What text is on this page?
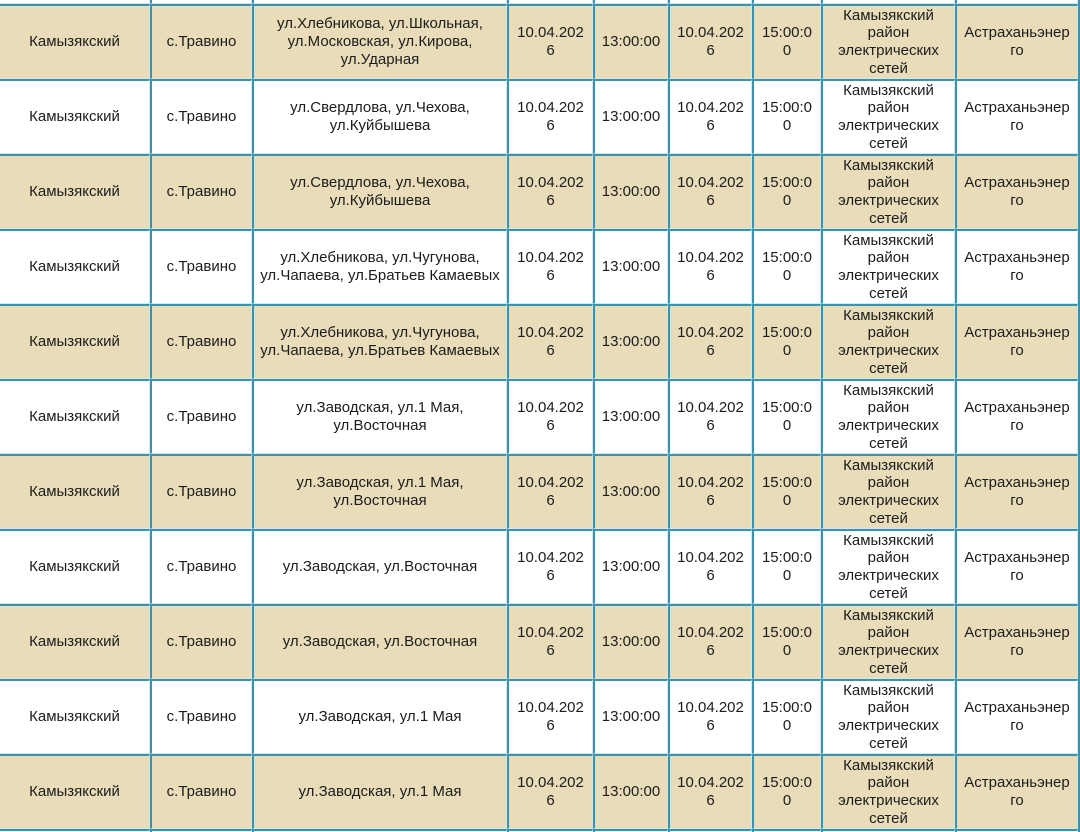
Камызякский	с.Травино	ул.Хлебникова, ул.Школьная, ул.Московская, ул.Кирова, ул.Ударная	10.04.2026	13:00:00	10.04.2026	15:00:00	Камызякский район электрических сетей	Астраханьэнерго
Камызякский	с.Травино	ул.Свердлова, ул.Чехова, ул.Куйбышева	10.04.2026	13:00:00	10.04.2026	15:00:00	Камызякский район электрических сетей	Астраханьэнерго
Камызякский	с.Травино	ул.Свердлова, ул.Чехова, ул.Куйбышева	10.04.2026	13:00:00	10.04.2026	15:00:00	Камызякский район электрических сетей	Астраханьэнерго
Камызякский	с.Травино	ул.Хлебникова, ул.Чугунова, ул.Чапаева, ул.Братьев Камаевых	10.04.2026	13:00:00	10.04.2026	15:00:00	Камызякский район электрических сетей	Астраханьэнерго
Камызякский	с.Травино	ул.Хлебникова, ул.Чугунова, ул.Чапаева, ул.Братьев Камаевых	10.04.2026	13:00:00	10.04.2026	15:00:00	Камызякский район электрических сетей	Астраханьэнерго
Камызякский	с.Травино	ул.Заводская, ул.1 Мая, ул.Восточная	10.04.2026	13:00:00	10.04.2026	15:00:00	Камызякский район электрических сетей	Астраханьэнерго
Камызякский	с.Травино	ул.Заводская, ул.1 Мая, ул.Восточная	10.04.2026	13:00:00	10.04.2026	15:00:00	Камызякский район электрических сетей	Астраханьэнерго
Камызякский	с.Травино	ул.Заводская, ул.Восточная	10.04.2026	13:00:00	10.04.2026	15:00:00	Камызякский район электрических сетей	Астраханьэнерго
Камызякский	с.Травино	ул.Заводская, ул.Восточная	10.04.2026	13:00:00	10.04.2026	15:00:00	Камызякский район электрических сетей	Астраханьэнерго
Камызякский	с.Травино	ул.Заводская, ул.1 Мая	10.04.2026	13:00:00	10.04.2026	15:00:00	Камызякский район электрических сетей	Астраханьэнерго
Камызякский	с.Травино	ул.Заводская, ул.1 Мая	10.04.2026	13:00:00	10.04.2026	15:00:00	Камызякский район электрических сетей	Астраханьэнерго
